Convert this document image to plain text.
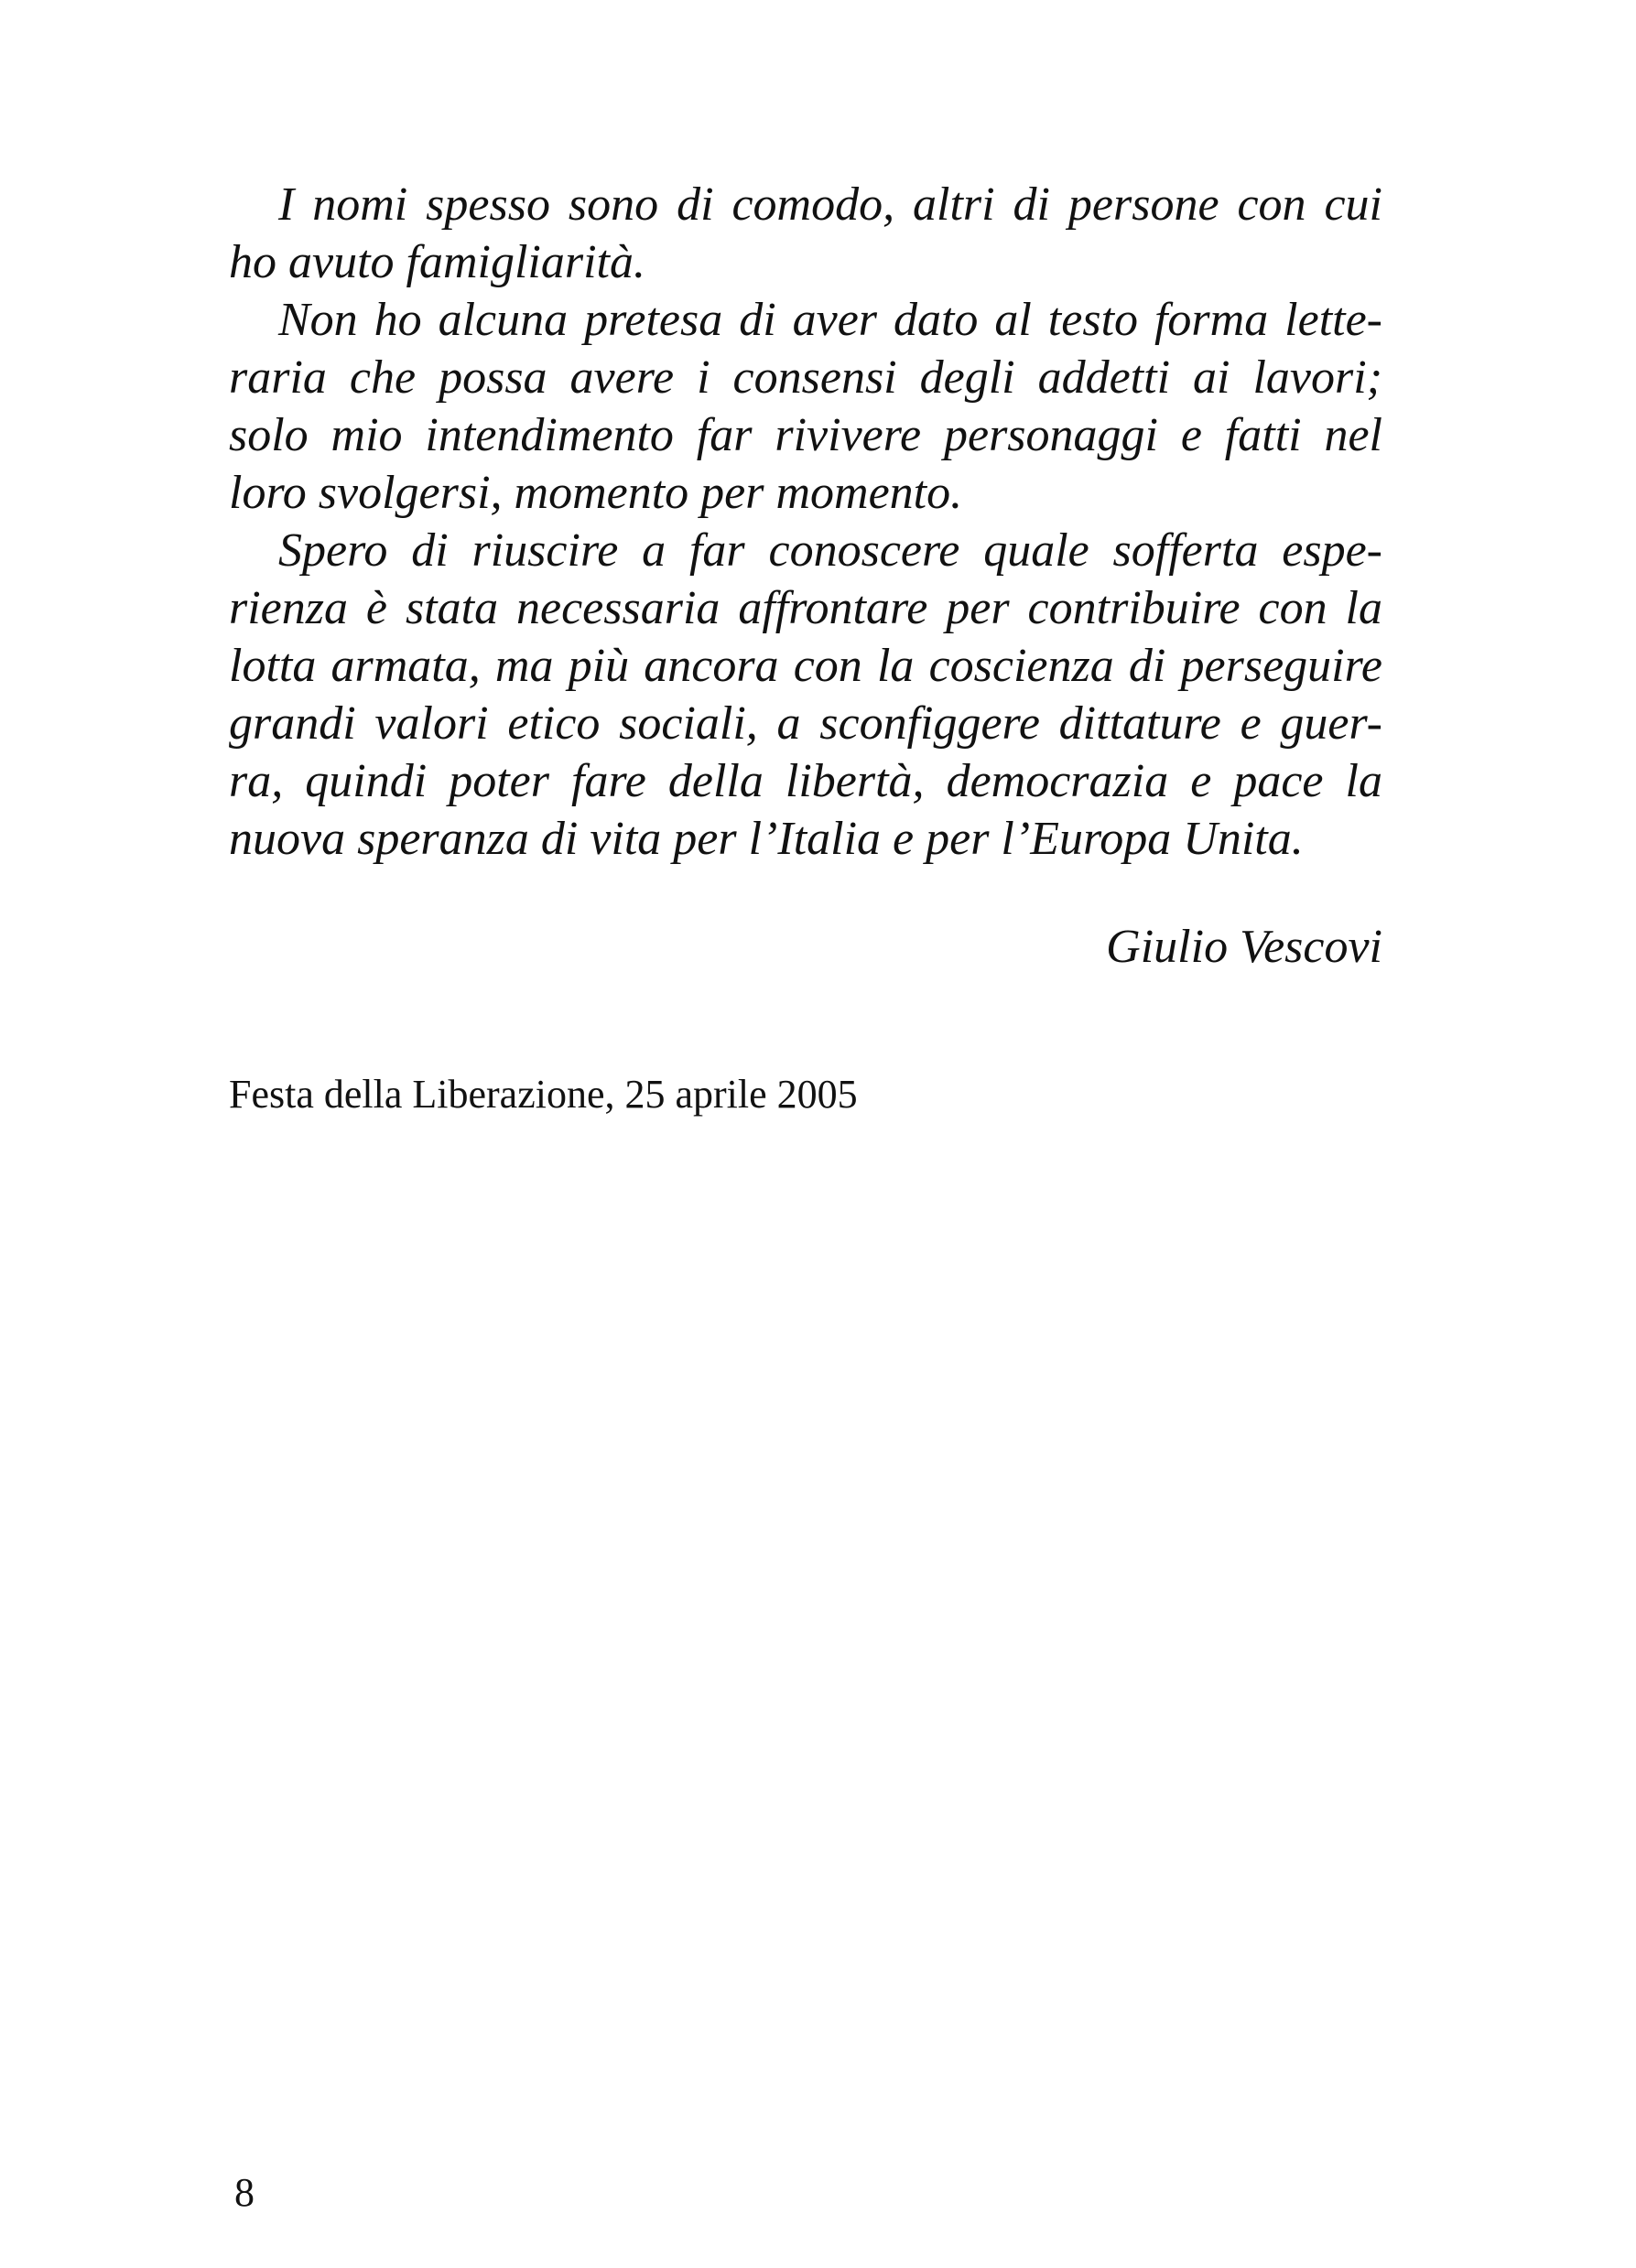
I nomi spesso sono di comodo, altri di persone con cui
ho avuto famigliarità.
Non ho alcuna pretesa di aver dato al testo forma lette-
raria che possa avere i consensi degli addetti ai lavori;
solo mio intendimento far rivivere personaggi e fatti nel
loro svolgersi, momento per momento.
Spero di riuscire a far conoscere quale sofferta espe-
rienza è stata necessaria affrontare per contribuire con la
lotta armata, ma più ancora con la coscienza di perseguire
grandi valori etico sociali, a sconfiggere dittature e guer-
ra, quindi poter fare della libertà, democrazia e pace la
nuova speranza di vita per l’Italia e per l’Europa Unita.
Giulio Vescovi
Festa della Liberazione, 25 aprile 2005
8
